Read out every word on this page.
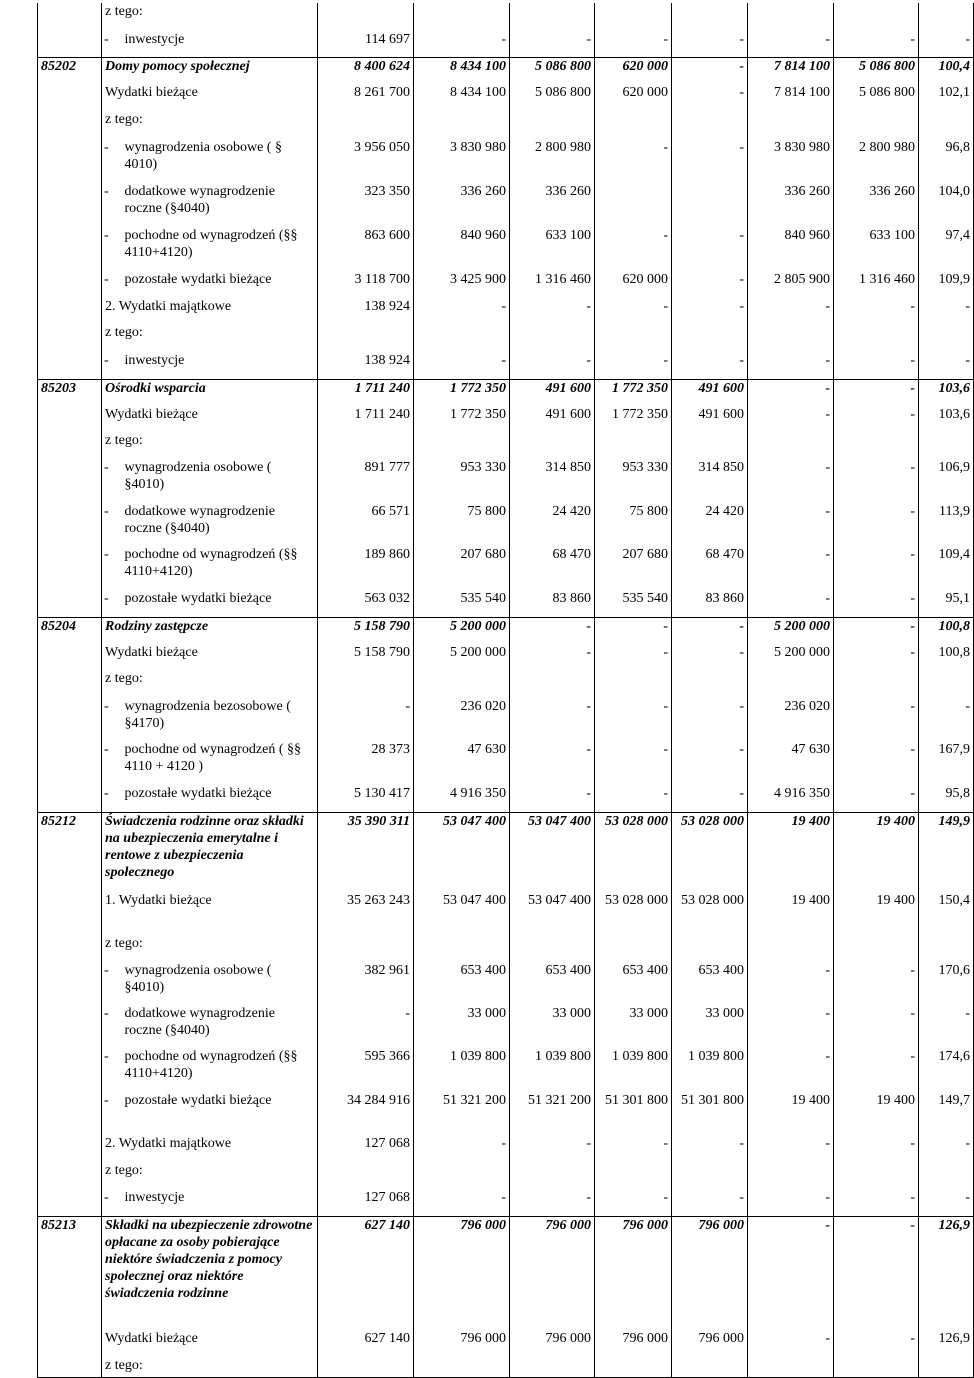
	z tego:									
	-	inwestycje	114 697	-	-	-	-	-	-	-
85202	Domy pomocy społecznej		8 400 624	8 434 100	5 086 800	620 000	-	7 814 100	5 086 800	100,4
	Wydatki bieżące		8 261 700	8 434 100	5 086 800	620 000	-	7 814 100	5 086 800	102,1
	z tego:									
	-	wynagrodzenia osobowe ( § 4010)	3 956 050	3 830 980	2 800 980	-	-	3 830 980	2 800 980	96,8
	-	dodatkowe wynagrodzenie roczne (§4040)	323 350	336 260	336 260			336 260	336 260	104,0
	-	pochodne od wynagrodzeń (§§ 4110+4120)	863 600	840 960	633 100	-	-	840 960	633 100	97,4
	-	pozostałe wydatki bieżące	3 118 700	3 425 900	1 316 460	620 000	-	2 805 900	1 316 460	109,9
	2. Wydatki majątkowe		138 924	-	-	-	-	-	-	-
	z tego:									
	-	inwestycje	138 924	-	-	-	-	-	-	-
85203	Ośrodki wsparcia		1 711 240	1 772 350	491 600	1 772 350	491 600	-	-	103,6
	Wydatki bieżące		1 711 240	1 772 350	491 600	1 772 350	491 600	-	-	103,6
	z tego:									
	-	wynagrodzenia osobowe ( §4010)	891 777	953 330	314 850	953 330	314 850	-	-	106,9
	-	dodatkowe wynagrodzenie roczne (§4040)	66 571	75 800	24 420	75 800	24 420	-	-	113,9
	-	pochodne od wynagrodzeń (§§ 4110+4120)	189 860	207 680	68 470	207 680	68 470	-	-	109,4
	-	pozostałe wydatki bieżące	563 032	535 540	83 860	535 540	83 860	-	-	95,1
85204	Rodziny zastępcze		5 158 790	5 200 000	-	-	-	5 200 000	-	100,8
	Wydatki bieżące		5 158 790	5 200 000	-	-	-	5 200 000	-	100,8
	z tego:									
	-	wynagrodzenia bezosobowe ( §4170)	-	236 020	-	-	-	236 020	-	-
	-	pochodne od wynagrodzeń ( §§ 4110 + 4120 )	28 373	47 630	-	-	-	47 630	-	167,9
	-	pozostałe wydatki bieżące	5 130 417	4 916 350	-	-	-	4 916 350	-	95,8
85212	Świadczenia rodzinne oraz składki na ubezpieczenia emerytalne i rentowe z ubezpieczenia społecznego		35 390 311	53 047 400	53 047 400	53 028 000	53 028 000	19 400	19 400	149,9
	1. Wydatki bieżące		35 263 243	53 047 400	53 047 400	53 028 000	53 028 000	19 400	19 400	150,4
	z tego:									
	-	wynagrodzenia osobowe ( §4010)	382 961	653 400	653 400	653 400	653 400	-	-	170,6
	-	dodatkowe wynagrodzenie roczne (§4040)	-	33 000	33 000	33 000	33 000	-	-	-
	-	pochodne od wynagrodzeń (§§ 4110+4120)	595 366	1 039 800	1 039 800	1 039 800	1 039 800	-	-	174,6
	-	pozostałe wydatki bieżące	34 284 916	51 321 200	51 321 200	51 301 800	51 301 800	19 400	19 400	149,7
	2. Wydatki majątkowe		127 068	-	-	-	-	-	-	-
	z tego:									
	-	inwestycje	127 068	-	-	-	-	-	-	-
85213	Składki na ubezpieczenie zdrowotne opłacane za osoby pobierające niektóre świadczenia z pomocy społecznej oraz niektóre świadczenia rodzinne		627 140	796 000	796 000	796 000	796 000	-	-	126,9
	Wydatki bieżące		627 140	796 000	796 000	796 000	796 000	-	-	126,9
	z tego:									
